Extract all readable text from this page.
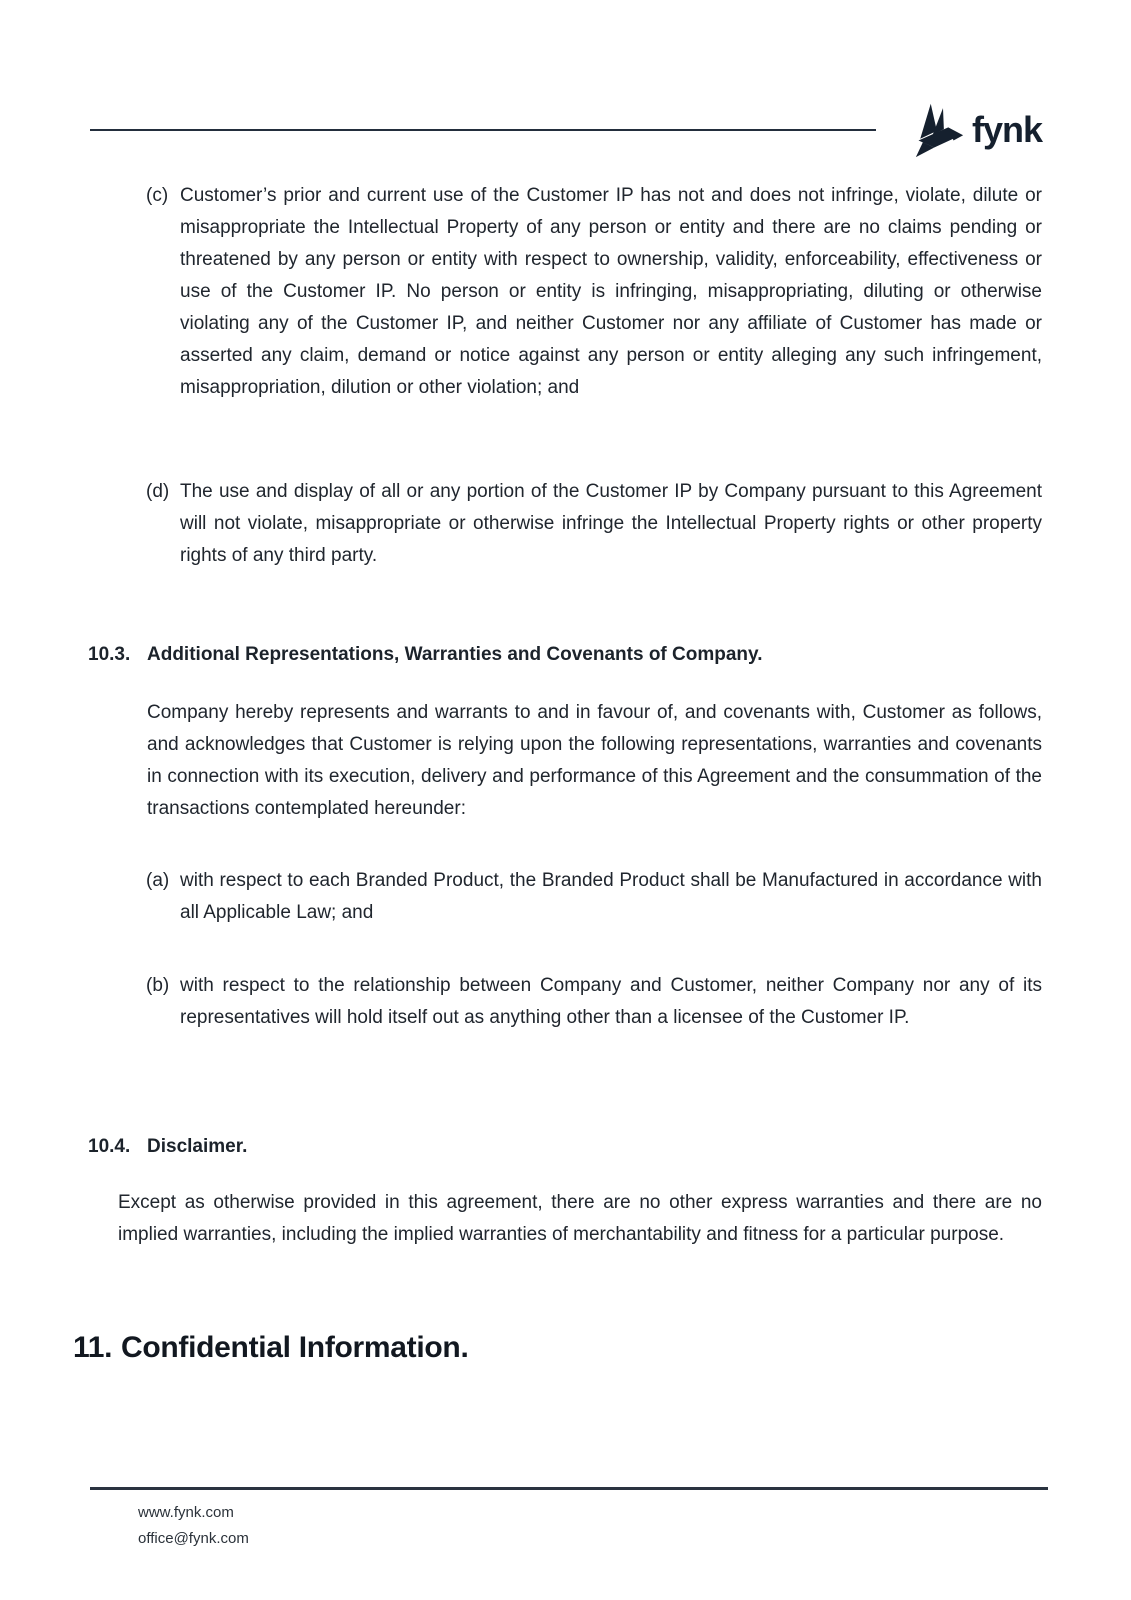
fynk
(c) Customer’s prior and current use of the Customer IP has not and does not infringe, violate, dilute or misappropriate the Intellectual Property of any person or entity and there are no claims pending or threatened by any person or entity with respect to ownership, validity, enforceability, effectiveness or use of the Customer IP. No person or entity is infringing, misappropriating, diluting or otherwise violating any of the Customer IP, and neither Customer nor any affiliate of Customer has made or asserted any claim, demand or notice against any person or entity alleging any such infringement, misappropriation, dilution or other violation; and
(d) The use and display of all or any portion of the Customer IP by Company pursuant to this Agreement will not violate, misappropriate or otherwise infringe the Intellectual Property rights or other property rights of any third party.
10.3. Additional Representations, Warranties and Covenants of Company.
Company hereby represents and warrants to and in favour of, and covenants with, Customer as follows, and acknowledges that Customer is relying upon the following representations, warranties and covenants in connection with its execution, delivery and performance of this Agreement and the consummation of the transactions contemplated hereunder:
(a) with respect to each Branded Product, the Branded Product shall be Manufactured in accordance with all Applicable Law; and
(b) with respect to the relationship between Company and Customer, neither Company nor any of its representatives will hold itself out as anything other than a licensee of the Customer IP.
10.4. Disclaimer.
Except as otherwise provided in this agreement, there are no other express warranties and there are no implied warranties, including the implied warranties of merchantability and fitness for a particular purpose.
11. Confidential Information.
www.fynk.com
office@fynk.com
